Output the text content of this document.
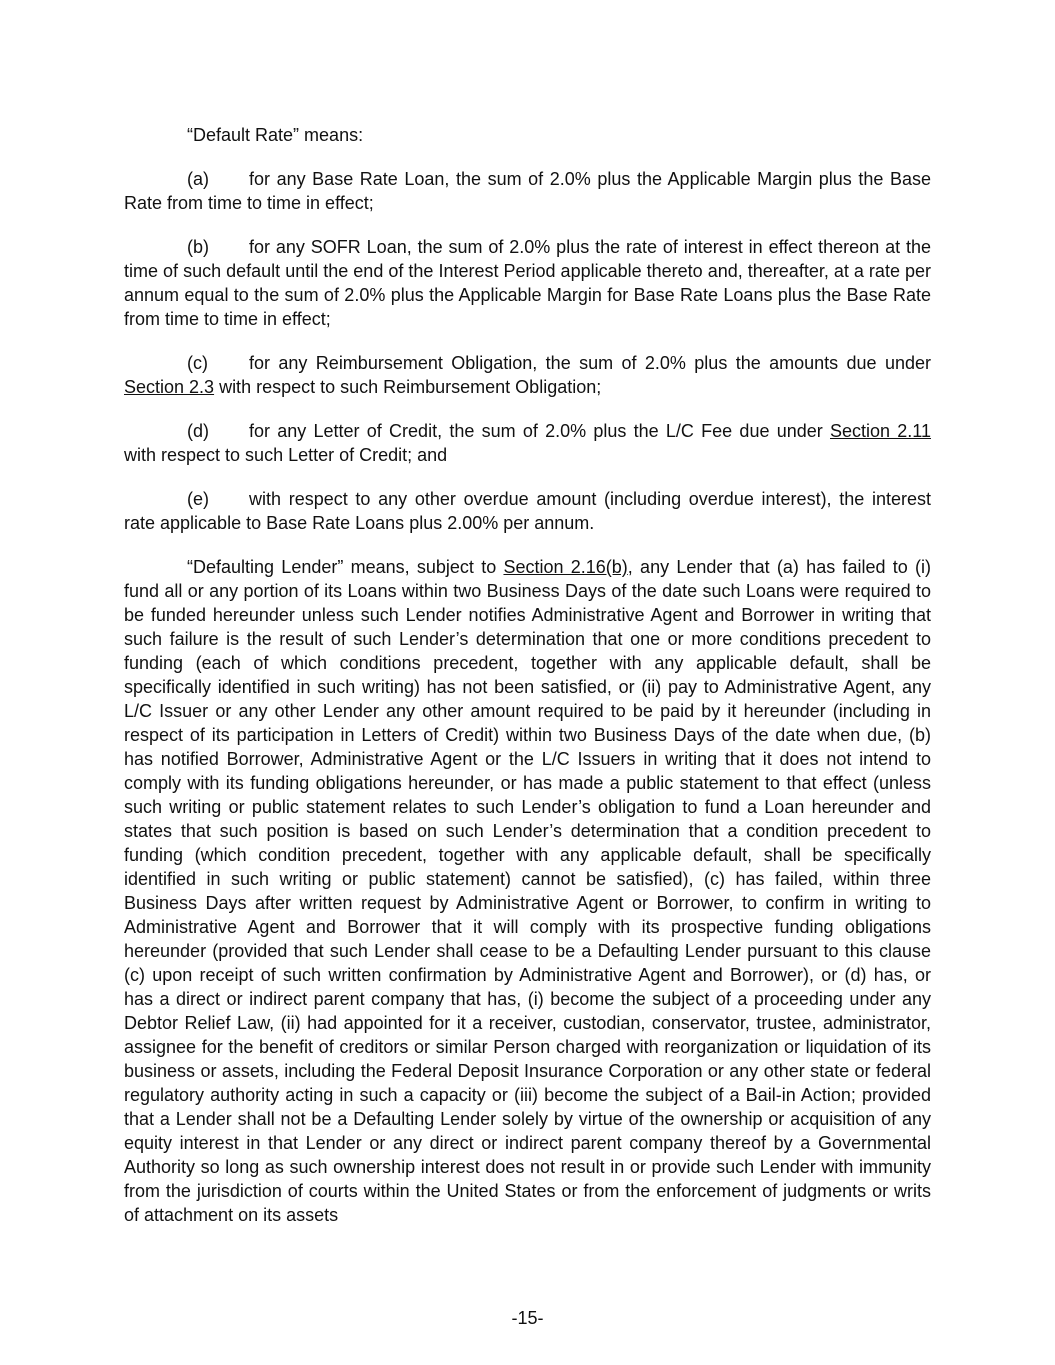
“Default Rate” means:

(a) for any Base Rate Loan, the sum of 2.0% plus the Applicable Margin plus the Base Rate from time to time in effect;

(b) for any SOFR Loan, the sum of 2.0% plus the rate of interest in effect thereon at the time of such default until the end of the Interest Period applicable thereto and, thereafter, at a rate per annum equal to the sum of 2.0% plus the Applicable Margin for Base Rate Loans plus the Base Rate from time to time in effect;

(c) for any Reimbursement Obligation, the sum of 2.0% plus the amounts due under Section 2.3 with respect to such Reimbursement Obligation;

(d) for any Letter of Credit, the sum of 2.0% plus the L/C Fee due under Section 2.11 with respect to such Letter of Credit; and

(e) with respect to any other overdue amount (including overdue interest), the interest rate applicable to Base Rate Loans plus 2.00% per annum.

“Defaulting Lender” means, subject to Section 2.16(b), any Lender that (a) has failed to (i) fund all or any portion of its Loans within two Business Days of the date such Loans were required to be funded hereunder unless such Lender notifies Administrative Agent and Borrower in writing that such failure is the result of such Lender’s determination that one or more conditions precedent to funding (each of which conditions precedent, together with any applicable default, shall be specifically identified in such writing) has not been satisfied, or (ii) pay to Administrative Agent, any L/C Issuer or any other Lender any other amount required to be paid by it hereunder (including in respect of its participation in Letters of Credit) within two Business Days of the date when due, (b) has notified Borrower, Administrative Agent or the L/C Issuers in writing that it does not intend to comply with its funding obligations hereunder, or has made a public statement to that effect (unless such writing or public statement relates to such Lender’s obligation to fund a Loan hereunder and states that such position is based on such Lender’s determination that a condition precedent to funding (which condition precedent, together with any applicable default, shall be specifically identified in such writing or public statement) cannot be satisfied), (c) has failed, within three Business Days after written request by Administrative Agent or Borrower, to confirm in writing to Administrative Agent and Borrower that it will comply with its prospective funding obligations hereunder (provided that such Lender shall cease to be a Defaulting Lender pursuant to this clause (c) upon receipt of such written confirmation by Administrative Agent and Borrower), or (d) has, or has a direct or indirect parent company that has, (i) become the subject of a proceeding under any Debtor Relief Law, (ii) had appointed for it a receiver, custodian, conservator, trustee, administrator, assignee for the benefit of creditors or similar Person charged with reorganization or liquidation of its business or assets, including the Federal Deposit Insurance Corporation or any other state or federal regulatory authority acting in such a capacity or (iii) become the subject of a Bail-in Action; provided that a Lender shall not be a Defaulting Lender solely by virtue of the ownership or acquisition of any equity interest in that Lender or any direct or indirect parent company thereof by a Governmental Authority so long as such ownership interest does not result in or provide such Lender with immunity from the jurisdiction of courts within the United States or from the enforcement of judgments or writs of attachment on its assets

-15-
